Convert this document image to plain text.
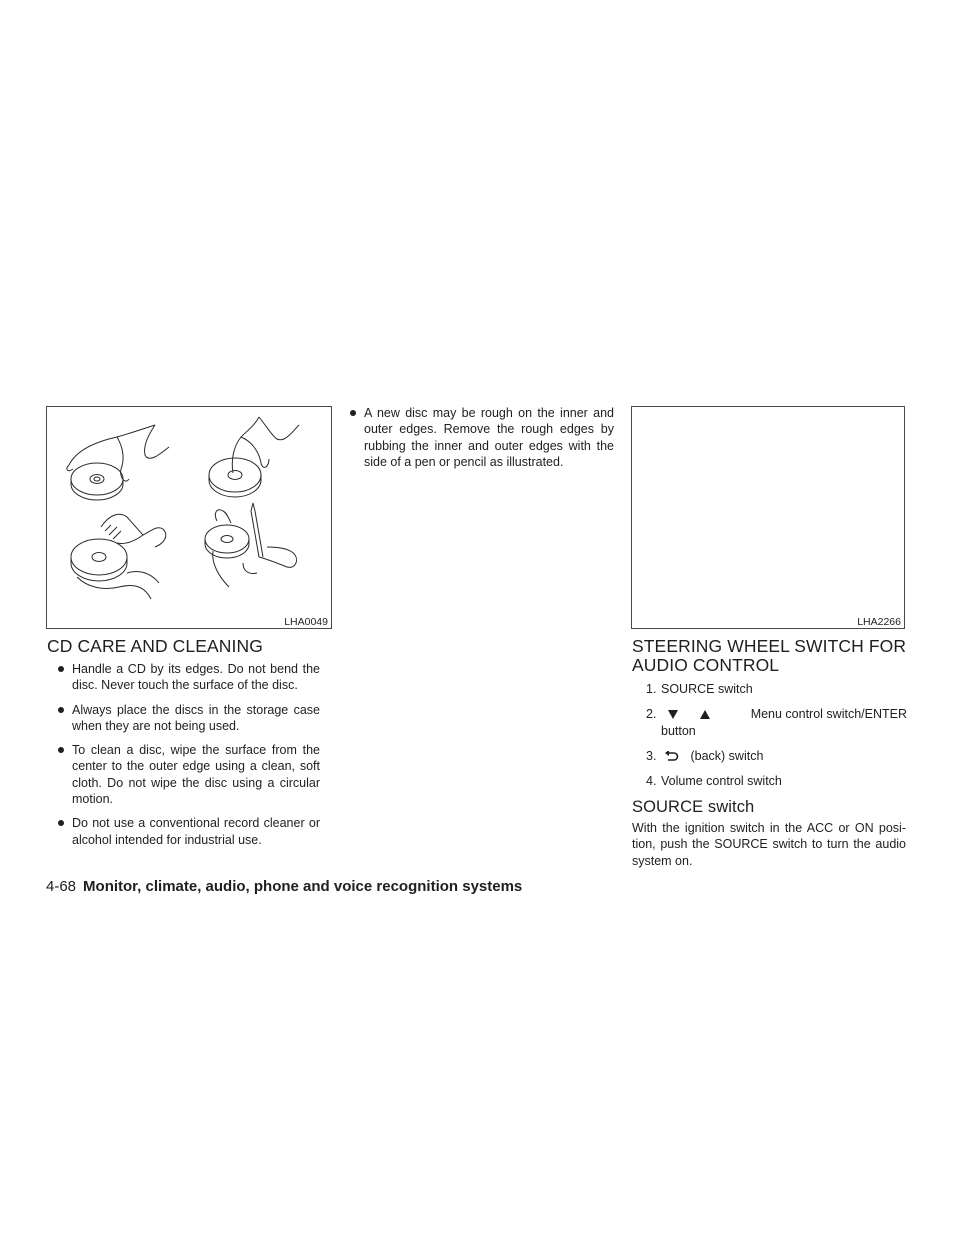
LHA0049	LHA2266
CD CARE AND CLEANING
Handle a CD by its edges. Do not bend the disc. Never touch the surface of the disc.
Always place the discs in the storage case when they are not being used.
To clean a disc, wipe the surface from the center to the outer edge using a clean, soft cloth. Do not wipe the disc using a circular motion.
Do not use a conventional record cleaner or alcohol intended for industrial use.
A new disc may be rough on the inner and outer edges. Remove the rough edges by rubbing the inner and outer edges with the side of a pen or pencil as illustrated.
STEERING WHEEL SWITCH FOR AUDIO CONTROL
1. SOURCE switch
2.	Menu control switch/ENTER
button
3.	(back) switch
4. Volume control switch
SOURCE switch

With the ignition switch in the ACC or ON posi- tion, push the SOURCE switch to turn the audio system on.

4-68 Monitor, climate, audio, phone and voice recognition systems
